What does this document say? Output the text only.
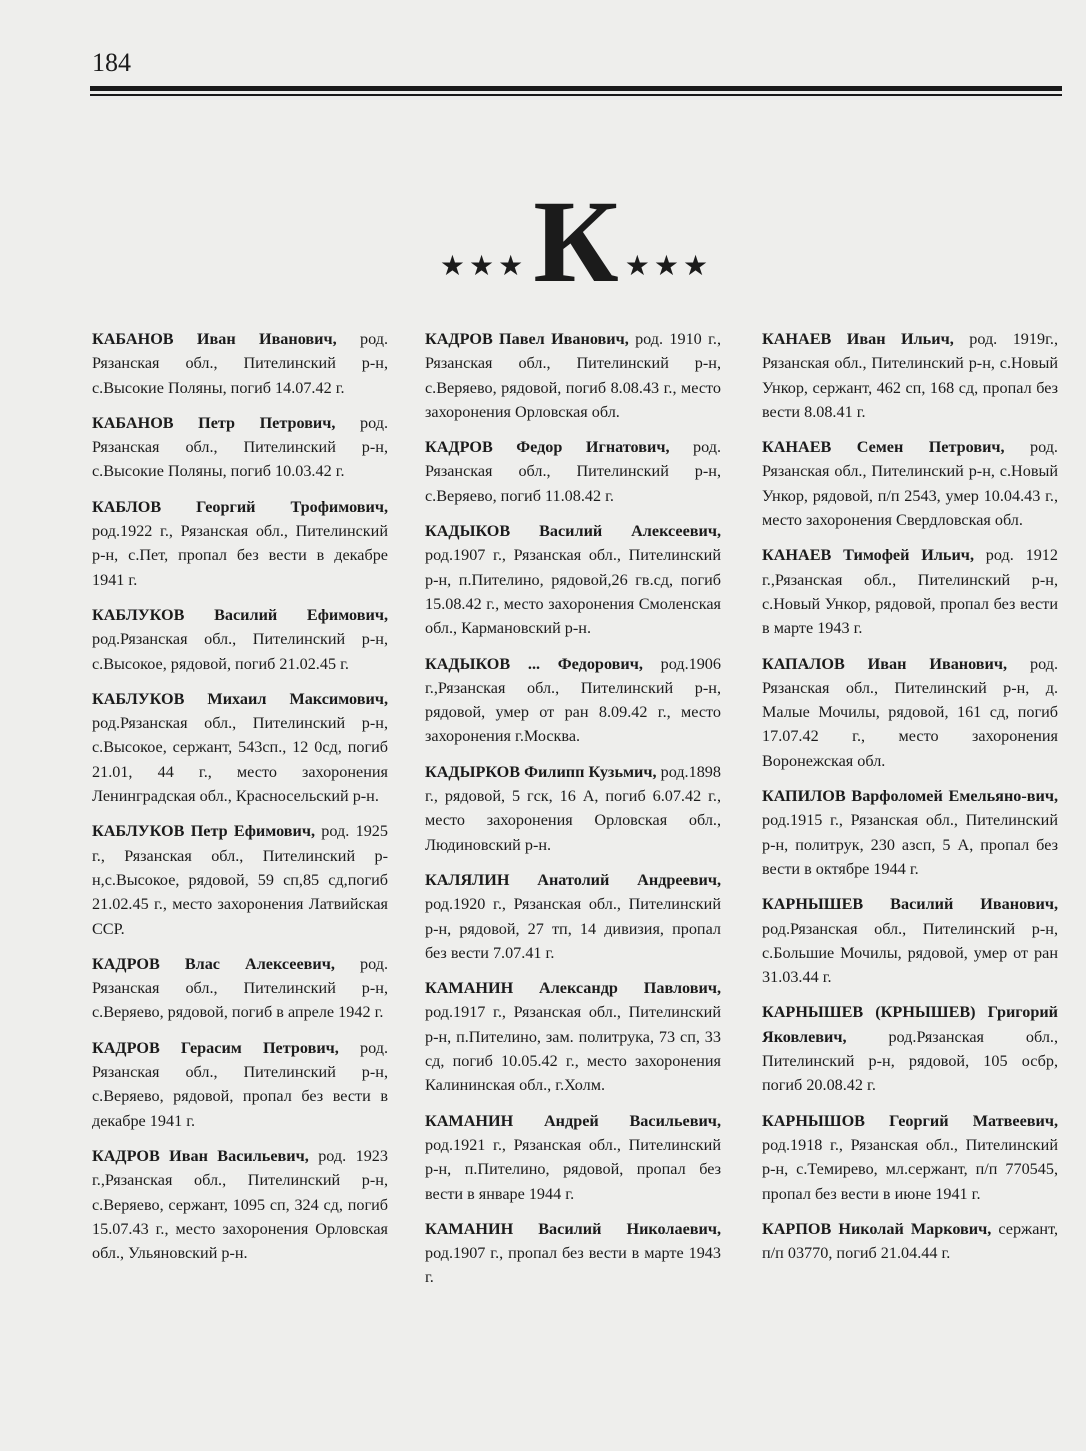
184
★★★ К ★★★

КАБАНОВ Иван Иванович, род. Рязанская обл., Пителинский р-н, с.Высокие Поляны, погиб 14.07.42 г.

КАБАНОВ Петр Петрович, род. Рязанская обл., Пителинский р-н, с.Высокие Поляны, погиб 10.03.42 г.

КАБЛОВ Георгий Трофимович, род.1922 г., Рязанская обл., Пителинский р-н, с.Пет, пропал без вести в декабре 1941 г.

КАБЛУКОВ Василий Ефимович, род.Рязанская обл., Пителинский р-н, с.Высокое, рядовой, погиб 21.02.45 г.

КАБЛУКОВ Михаил Максимович, род.Рязанская обл., Пителинский р-н, с.Высокое, сержант, 543сп., 12 0сд, погиб 21.01, 44 г., место захоронения Ленинградская обл., Красносельский р-н.

КАБЛУКОВ Петр Ефимович, род. 1925 г., Рязанская обл., Пителинский р-н,с.Высокое, рядовой, 59 сп,85 сд,погиб 21.02.45 г., место захоронения Латвийская ССР.

КАДРОВ Влас Алексеевич, род. Рязанская обл., Пителинский р-н, с.Веряево, рядовой, погиб в апреле 1942 г.

КАДРОВ Герасим Петрович, род. Рязанская обл., Пителинский р-н, с.Веряево, рядовой, пропал без вести в декабре 1941 г.

КАДРОВ Иван Васильевич, род. 1923 г.,Рязанская обл., Пителинский р-н, с.Веряево, сержант, 1095 сп, 324 сд, погиб 15.07.43 г., место захоронения Орловская обл., Ульяновский р-н.

КАДРОВ Павел Иванович, род. 1910 г., Рязанская обл., Пителинский р-н, с.Веряево, рядовой, погиб 8.08.43 г., место захоронения Орловская обл.

КАДРОВ Федор Игнатович, род. Рязанская обл., Пителинский р-н, с.Веряево, погиб 11.08.42 г.

КАДЫКОВ Василий Алексеевич, род.1907 г., Рязанская обл., Пителинский р-н, п.Пителино, рядовой,26 гв.сд, погиб 15.08.42 г., место захоронения Смоленская обл., Кармановский р-н.

КАДЫКОВ ... Федорович, род.1906 г.,Рязанская обл., Пителинский р-н, рядовой, умер от ран 8.09.42 г., место захоронения г.Москва.

КАДЫРКОВ Филипп Кузьмич, род.1898 г., рядовой, 5 гск, 16 А, погиб 6.07.42 г., место захоронения Орловская обл., Людиновский р-н.

КАЛЯЛИН Анатолий Андреевич, род.1920 г., Рязанская обл., Пителинский р-н, рядовой, 27 тп, 14 дивизия, пропал без вести 7.07.41 г.

КАМАНИН Александр Павлович, род.1917 г., Рязанская обл., Пителинский р-н, п.Пителино, зам. политрука, 73 сп, 33 сд, погиб 10.05.42 г., место захоронения Калининская обл., г.Холм.

КАМАНИН Андрей Васильевич, род.1921 г., Рязанская обл., Пителинский р-н, п.Пителино, рядовой, пропал без вести в январе 1944 г.

КАМАНИН Василий Николаевич, род.1907 г., пропал без вести в марте 1943 г.

КАНАЕВ Иван Ильич, род. 1919г., Рязанская обл., Пителинский р-н, с.Новый Ункор, сержант, 462 сп, 168 сд, пропал без вести 8.08.41 г.

КАНАЕВ Семен Петрович, род. Рязанская обл., Пителинский р-н, с.Новый Ункор, рядовой, п/п 2543, умер 10.04.43 г., место захоронения Свердловская обл.

КАНАЕВ Тимофей Ильич, род. 1912 г.,Рязанская обл., Пителинский р-н, с.Новый Ункор, рядовой, пропал без вести в марте 1943 г.

КАПАЛОВ Иван Иванович, род. Рязанская обл., Пителинский р-н, д. Малые Мочилы, рядовой, 161 сд, погиб 17.07.42 г., место захоронения Воронежская обл.

КАПИЛОВ Варфоломей Емельяно-вич, род.1915 г., Рязанская обл., Пителинский р-н, политрук, 230 азсп, 5 А, пропал без вести в октябре 1944 г.

КАРНЫШЕВ Василий Иванович, род.Рязанская обл., Пителинский р-н, с.Большие Мочилы, рядовой, умер от ран 31.03.44 г.

КАРНЫШЕВ (КРНЫШЕВ) Григорий Яковлевич, род.Рязанская обл., Пителинский р-н, рядовой, 105 осбр, погиб 20.08.42 г.

КАРНЫШОВ Георгий Матвеевич, род.1918 г., Рязанская обл., Пителинский р-н, с.Темирево, мл.сержант, п/п 770545, пропал без вести в июне 1941 г.

КАРПОВ Николай Маркович, сержант, п/п 03770, погиб 21.04.44 г.
